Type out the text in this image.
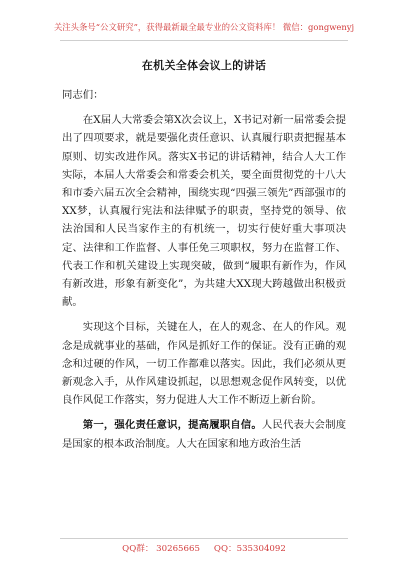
关注头条号“公文研究”，获得最新最全最专业的公文资料库！ 微信：gongwenyj
在机关全体会议上的讲话

同志们：

在X届人大常委会第X次会议上，X书记对新一届常委会提出了四项要求，就是要强化责任意识、认真履行职责把握基本原则、切实改进作风。落实X书记的讲话精神，结合人大工作实际，本届人大常委会和常委会机关，要全面贯彻党的十八大和市委六届五次全会精神，围绕实现“四强三领先”西部强市的XX梦，认真履行宪法和法律赋予的职责，坚持党的领导、依法治国和人民当家作主的有机统一，切实行使好重大事项决定、法律和工作监督、人事任免三项职权，努力在监督工作、代表工作和机关建设上实现突破，做到“履职有新作为，作风有新改进，形象有新变化”，为共建大XX现大跨越做出积极贡献。

实现这个目标，关键在人，在人的观念、在人的作风。观念是成就事业的基础，作风是抓好工作的保证。没有正确的观念和过硬的作风，一切工作都难以落实。因此，我们必须从更新观念入手，从作风建设抓起，以思想观念促作风转变，以优良作风促工作落实，努力促进人大工作不断迈上新台阶。

第一，强化责任意识，提高履职自信。人民代表大会制度是国家的根本政治制度。人大在国家和地方政治生活

QQ群： 30265665 QQ：535304092
